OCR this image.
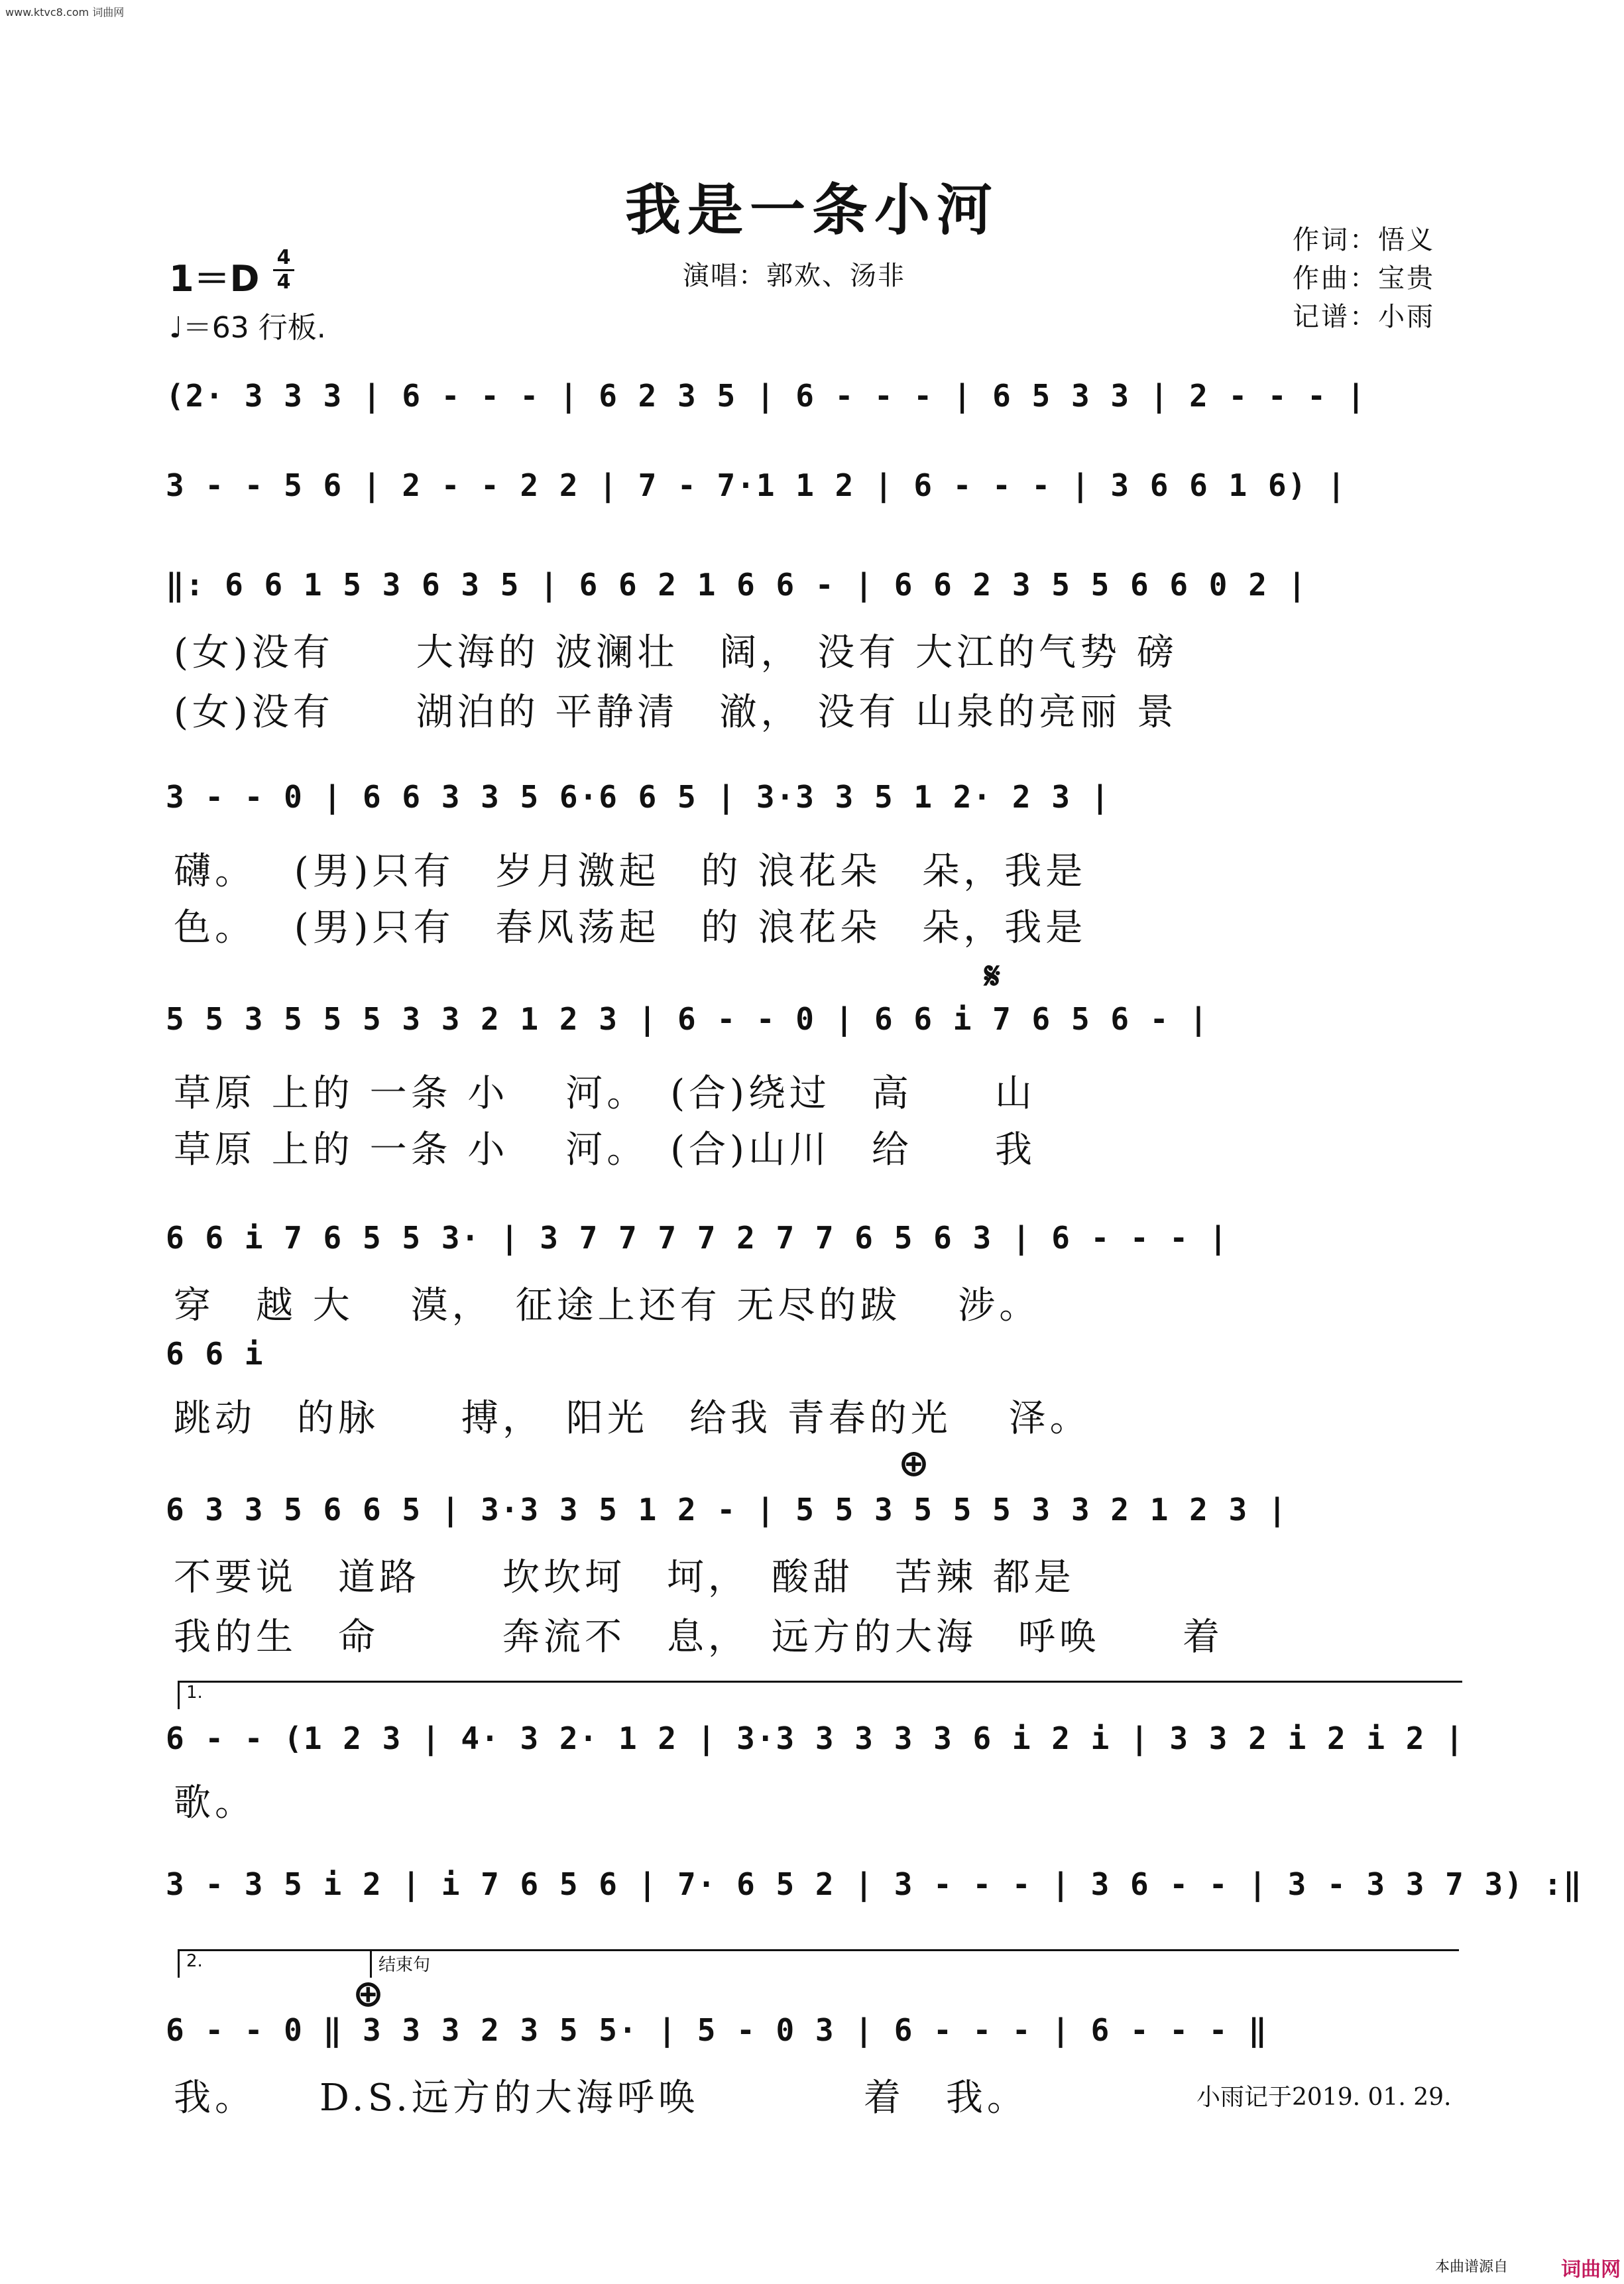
www.ktvc8.com 词曲网
我是一条小河	作词：悟义
作曲：宝贵
记谱：小雨
1＝D
4
4
♩＝63 行板.
演唱：郭欢、汤非
(2· 3 3 3 | 6 - - - | 6 2 3 5 | 6 - - - | 6 5 3 3 | 2 - - - |
3 - - 5 6 | 2 - - 2 2 | 7 - 7·1 1 2 | 6 - - - | 3 6 6 1 6) |
‖: 6 6 1 5 3 6 3 5 | 6 6 2 1 6 6 - | 6 6 2 3 5 5 6 6 0 2 |
(女)没有　　大海的 波澜壮　阔， 没有 大江的气势 磅
(女)没有　　湖泊的 平静清　澈， 没有 山泉的亮丽 景
3 - - 0 | 6 6 3 3 5 6·6 6 5 | 3·3 3 5 1 2· 2 3 |
礴。　 (男)只有　岁月激起　的 浪花朵　朵，我是
色。　 (男)只有　春风荡起　的 浪花朵　朵，我是
𝄋
5 5 3 5 5 5 3 3 2 1 2 3 | 6 - - 0 | 6 6 i 7 6 5 6 - |
草原 上的 一条 小　 河。　(合)绕过　高　　山
草原 上的 一条 小　 河。　(合)山川　给　　我
6 6 i 7 6 5 5 3· | 3 7 7 7 7 2 7 7 6 5 6 3 | 6 - - - |
穿　越 大　 漠，　征途上还有 无尽的跋　 涉。
6 6 i
跳动　的脉　　搏，　阳光　给我 青春的光　 泽。
⊕
6 3 3 5 6 6 5 | 3·3 3 5 1 2 - | 5 5 3 5 5 5 3 3 2 1 2 3 |
不要说　道路　　坎坎坷　坷，　酸甜　苦辣 都是
我的生　命　　　奔流不　息，　远方的大海　呼唤　　着
1.
6 - - (1 2 3 | 4· 3 2· 1 2 | 3·3 3 3 3 3 6 i 2 i | 3 3 2 i 2 i 2 |
歌。
3 - 3 5 i 2 | i 7 6 5 6 | 7· 6 5 2 | 3 - - - | 3 6 - - | 3 - 3 3 7 3) :‖
2.	结束句
⊕
6 - - 0 ‖ 3 3 3 2 3 5 5· | 5 - 0 3 | 6 - - - | 6 - - - ‖
我。　　D.S.远方的大海呼唤　　　　着　我。	小雨记于2019. 01. 29.
本曲谱源自	词曲网
